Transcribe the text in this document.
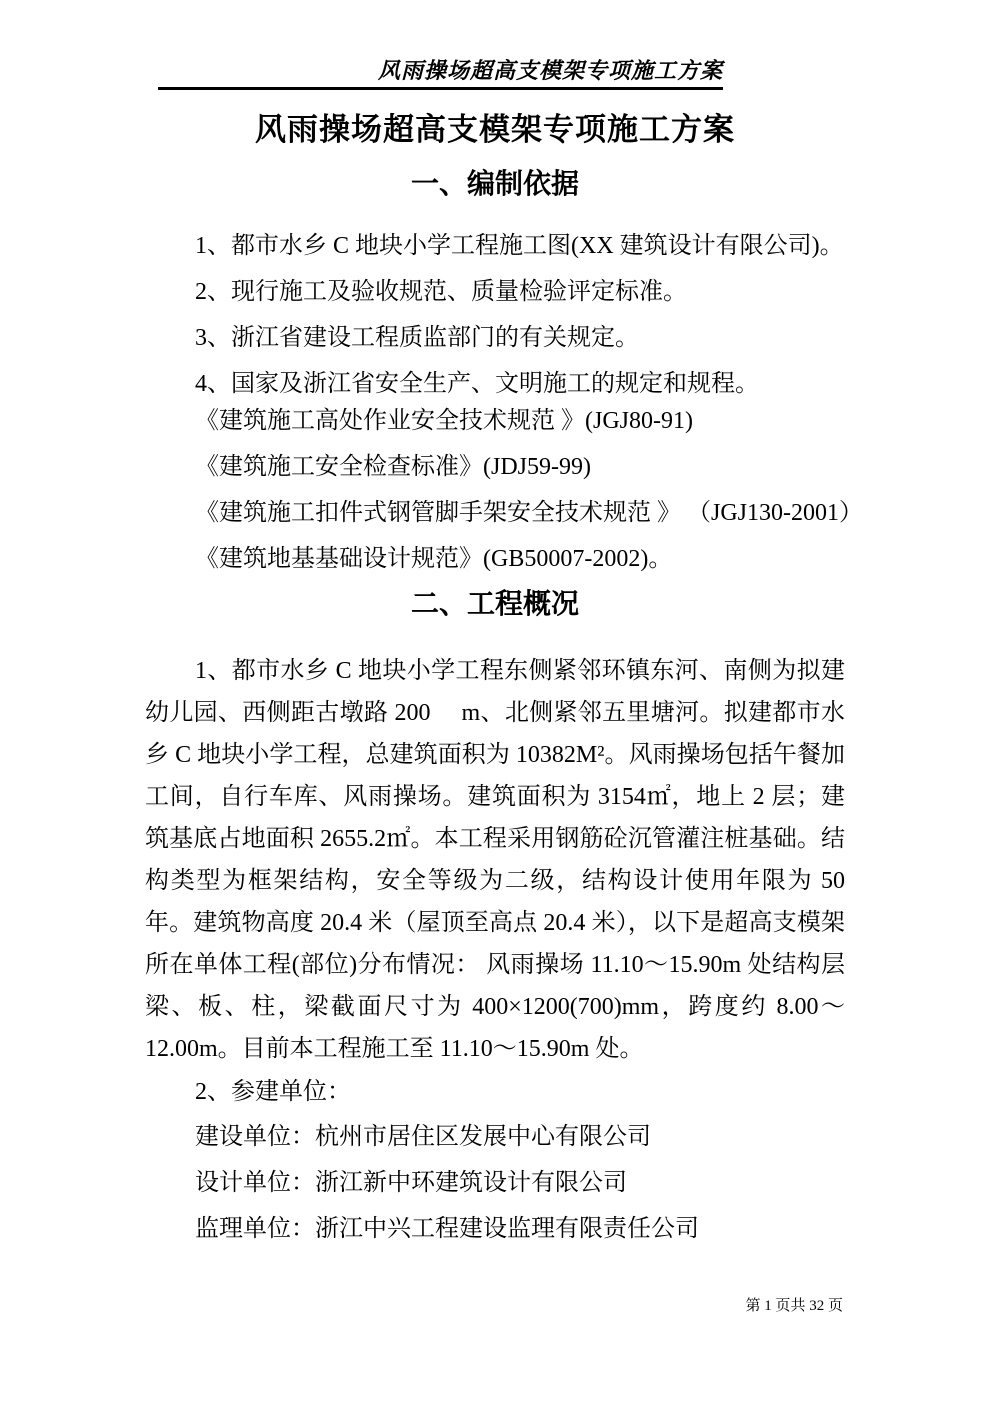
风雨操场超高支模架专项施工方案
风雨操场超高支模架专项施工方案
一、编制依据
1、都市水乡 C 地块小学工程施工图(XX 建筑设计有限公司)。
2、现行施工及验收规范、质量检验评定标准。
3、浙江省建设工程质监部门的有关规定。
4、国家及浙江省安全生产、文明施工的规定和规程。
《建筑施工高处作业安全技术规范 》(JGJ80-91)
《建筑施工安全检查标准》(JDJ59-99)
《建筑施工扣件式钢管脚手架安全技术规范 》 （JGJ130-2001）
《建筑地基基础设计规范》(GB50007-2002)。
二、工程概况
1、都市水乡 C 地块小学工程东侧紧邻环镇东河、南侧为拟建幼儿园、西侧距古墩路 200　 m、北侧紧邻五里塘河。拟建都市水乡 C 地块小学工程，总建筑面积为 10382M²。风雨操场包括午餐加工间，自行车库、风雨操场。建筑面积为 3154㎡，地上 2 层；建筑基底占地面积 2655.2㎡。本工程采用钢筋砼沉管灌注桩基础。结构类型为框架结构，安全等级为二级，结构设计使用年限为 50 年。建筑物高度 20.4 米（屋顶至高点 20.4 米），以下是超高支模架所在单体工程(部位)分布情况： 风雨操场 11.10～15.90m 处结构层梁、板、柱，梁截面尺寸为 400×1200(700)mm，跨度约 8.00～12.00m。目前本工程施工至 11.10～15.90m 处。
2、参建单位：
建设单位：杭州市居住区发展中心有限公司
设计单位：浙江新中环建筑设计有限公司
监理单位：浙江中兴工程建设监理有限责任公司
第 1 页共 32 页
